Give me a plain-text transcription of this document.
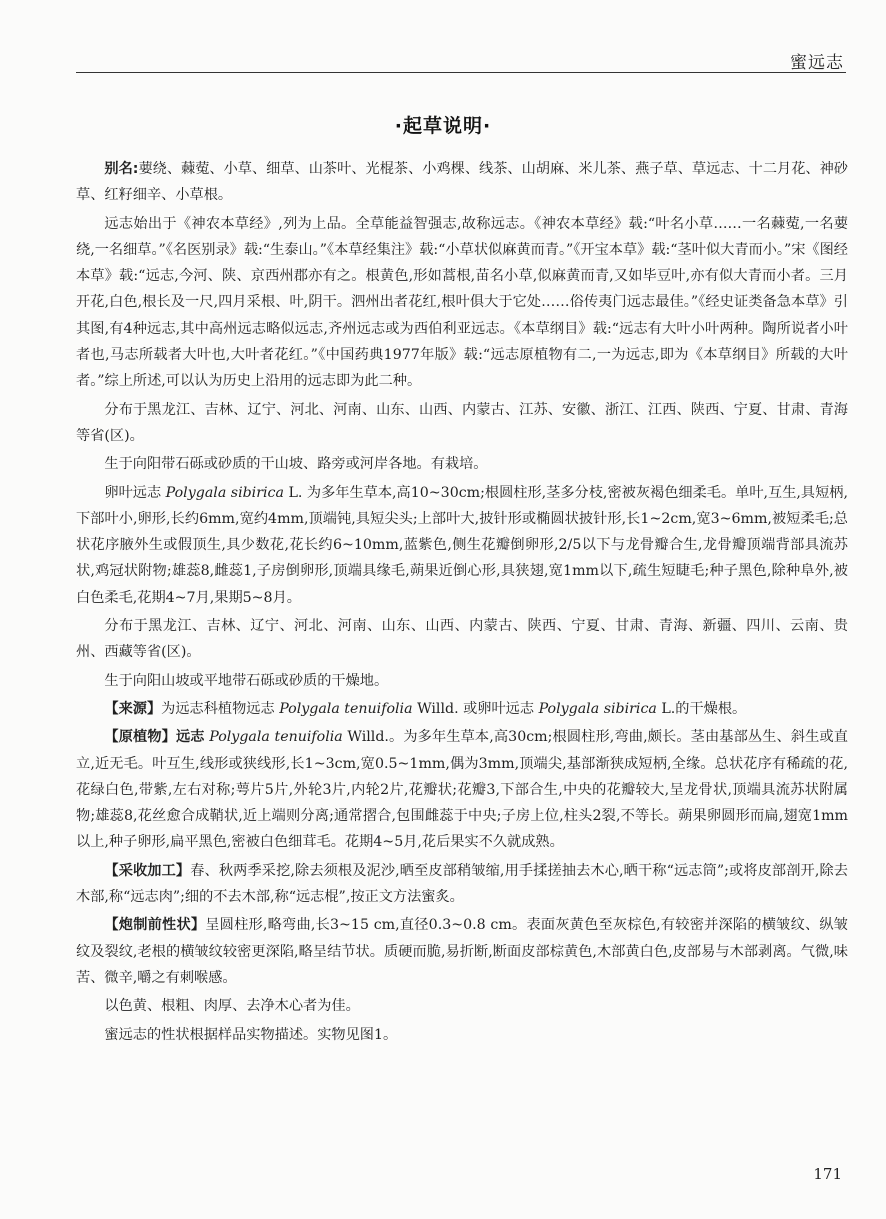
蜜远志
·起草说明·

别名:葽绕、蕀蒬、小草、细草、山茶叶、光棍茶、小鸡棵、线茶、山胡麻、米儿茶、燕子草、草远志、十二月花、神砂草、红籽细辛、小草根。

远志始出于《神农本草经》,列为上品。全草能益智强志,故称远志。《神农本草经》载:“叶名小草……一名蕀蒬,一名葽绕,一名细草。”《名医别录》载:“生泰山。”《本草经集注》载:“小草状似麻黄而青。”《开宝本草》载:“茎叶似大青而小。”宋《图经本草》载:“远志,今河、陕、京西州郡亦有之。根黄色,形如蒿根,苗名小草,似麻黄而青,又如毕豆叶,亦有似大青而小者。三月开花,白色,根长及一尺,四月采根、叶,阴干。泗州出者花红,根叶俱大于它处……俗传夷门远志最佳。”《经史证类备急本草》引其图,有4种远志,其中高州远志略似远志,齐州远志或为西伯利亚远志。《本草纲目》载:“远志有大叶小叶两种。陶所说者小叶者也,马志所载者大叶也,大叶者花红。”《中国药典1977年版》载:“远志原植物有二,一为远志,即为《本草纲目》所载的大叶者。”综上所述,可以认为历史上沿用的远志即为此二种。

分布于黑龙江、吉林、辽宁、河北、河南、山东、山西、内蒙古、江苏、安徽、浙江、江西、陕西、宁夏、甘肃、青海等省(区)。

生于向阳带石砾或砂质的干山坡、路旁或河岸各地。有栽培。

卵叶远志 Polygala sibirica L. 为多年生草本,高10~30cm;根圆柱形,茎多分枝,密被灰褐色细柔毛。单叶,互生,具短柄,下部叶小,卵形,长约6mm,宽约4mm,顶端钝,具短尖头;上部叶大,披针形或椭圆状披针形,长1~2cm,宽3~6mm,被短柔毛;总状花序腋外生或假顶生,具少数花,花长约6~10mm,蓝紫色,侧生花瓣倒卵形,2/5以下与龙骨瓣合生,龙骨瓣顶端背部具流苏状,鸡冠状附物;雄蕊8,雌蕊1,子房倒卵形,顶端具缘毛,蒴果近倒心形,具狭翅,宽1mm以下,疏生短睫毛;种子黑色,除种阜外,被白色柔毛,花期4~7月,果期5~8月。

分布于黑龙江、吉林、辽宁、河北、河南、山东、山西、内蒙古、陕西、宁夏、甘肃、青海、新疆、四川、云南、贵州、西藏等省(区)。

生于向阳山坡或平地带石砾或砂质的干燥地。

【来源】为远志科植物远志 Polygala tenuifolia Willd. 或卵叶远志 Polygala sibirica L.的干燥根。

【原植物】远志 Polygala tenuifolia Willd.。为多年生草本,高30cm;根圆柱形,弯曲,颇长。茎由基部丛生、斜生或直立,近无毛。叶互生,线形或狭线形,长1~3cm,宽0.5~1mm,偶为3mm,顶端尖,基部渐狭成短柄,全缘。总状花序有稀疏的花,花绿白色,带紫,左右对称;萼片5片,外轮3片,内轮2片,花瓣状;花瓣3,下部合生,中央的花瓣较大,呈龙骨状,顶端具流苏状附属物;雄蕊8,花丝愈合成鞘状,近上端则分离;通常摺合,包围雌蕊于中央;子房上位,柱头2裂,不等长。蒴果卵圆形而扁,翅宽1mm以上,种子卵形,扁平黑色,密被白色细茸毛。花期4~5月,花后果实不久就成熟。

【采收加工】春、秋两季采挖,除去须根及泥沙,晒至皮部稍皱缩,用手揉搓抽去木心,晒干称“远志筒”;或将皮部剖开,除去木部,称“远志肉”;细的不去木部,称“远志棍”,按正文方法蜜炙。

【炮制前性状】呈圆柱形,略弯曲,长3~15 cm,直径0.3~0.8 cm。表面灰黄色至灰棕色,有较密并深陷的横皱纹、纵皱纹及裂纹,老根的横皱纹较密更深陷,略呈结节状。质硬而脆,易折断,断面皮部棕黄色,木部黄白色,皮部易与木部剥离。气微,味苦、微辛,嚼之有刺喉感。

以色黄、根粗、肉厚、去净木心者为佳。

蜜远志的性状根据样品实物描述。实物见图1。

171
